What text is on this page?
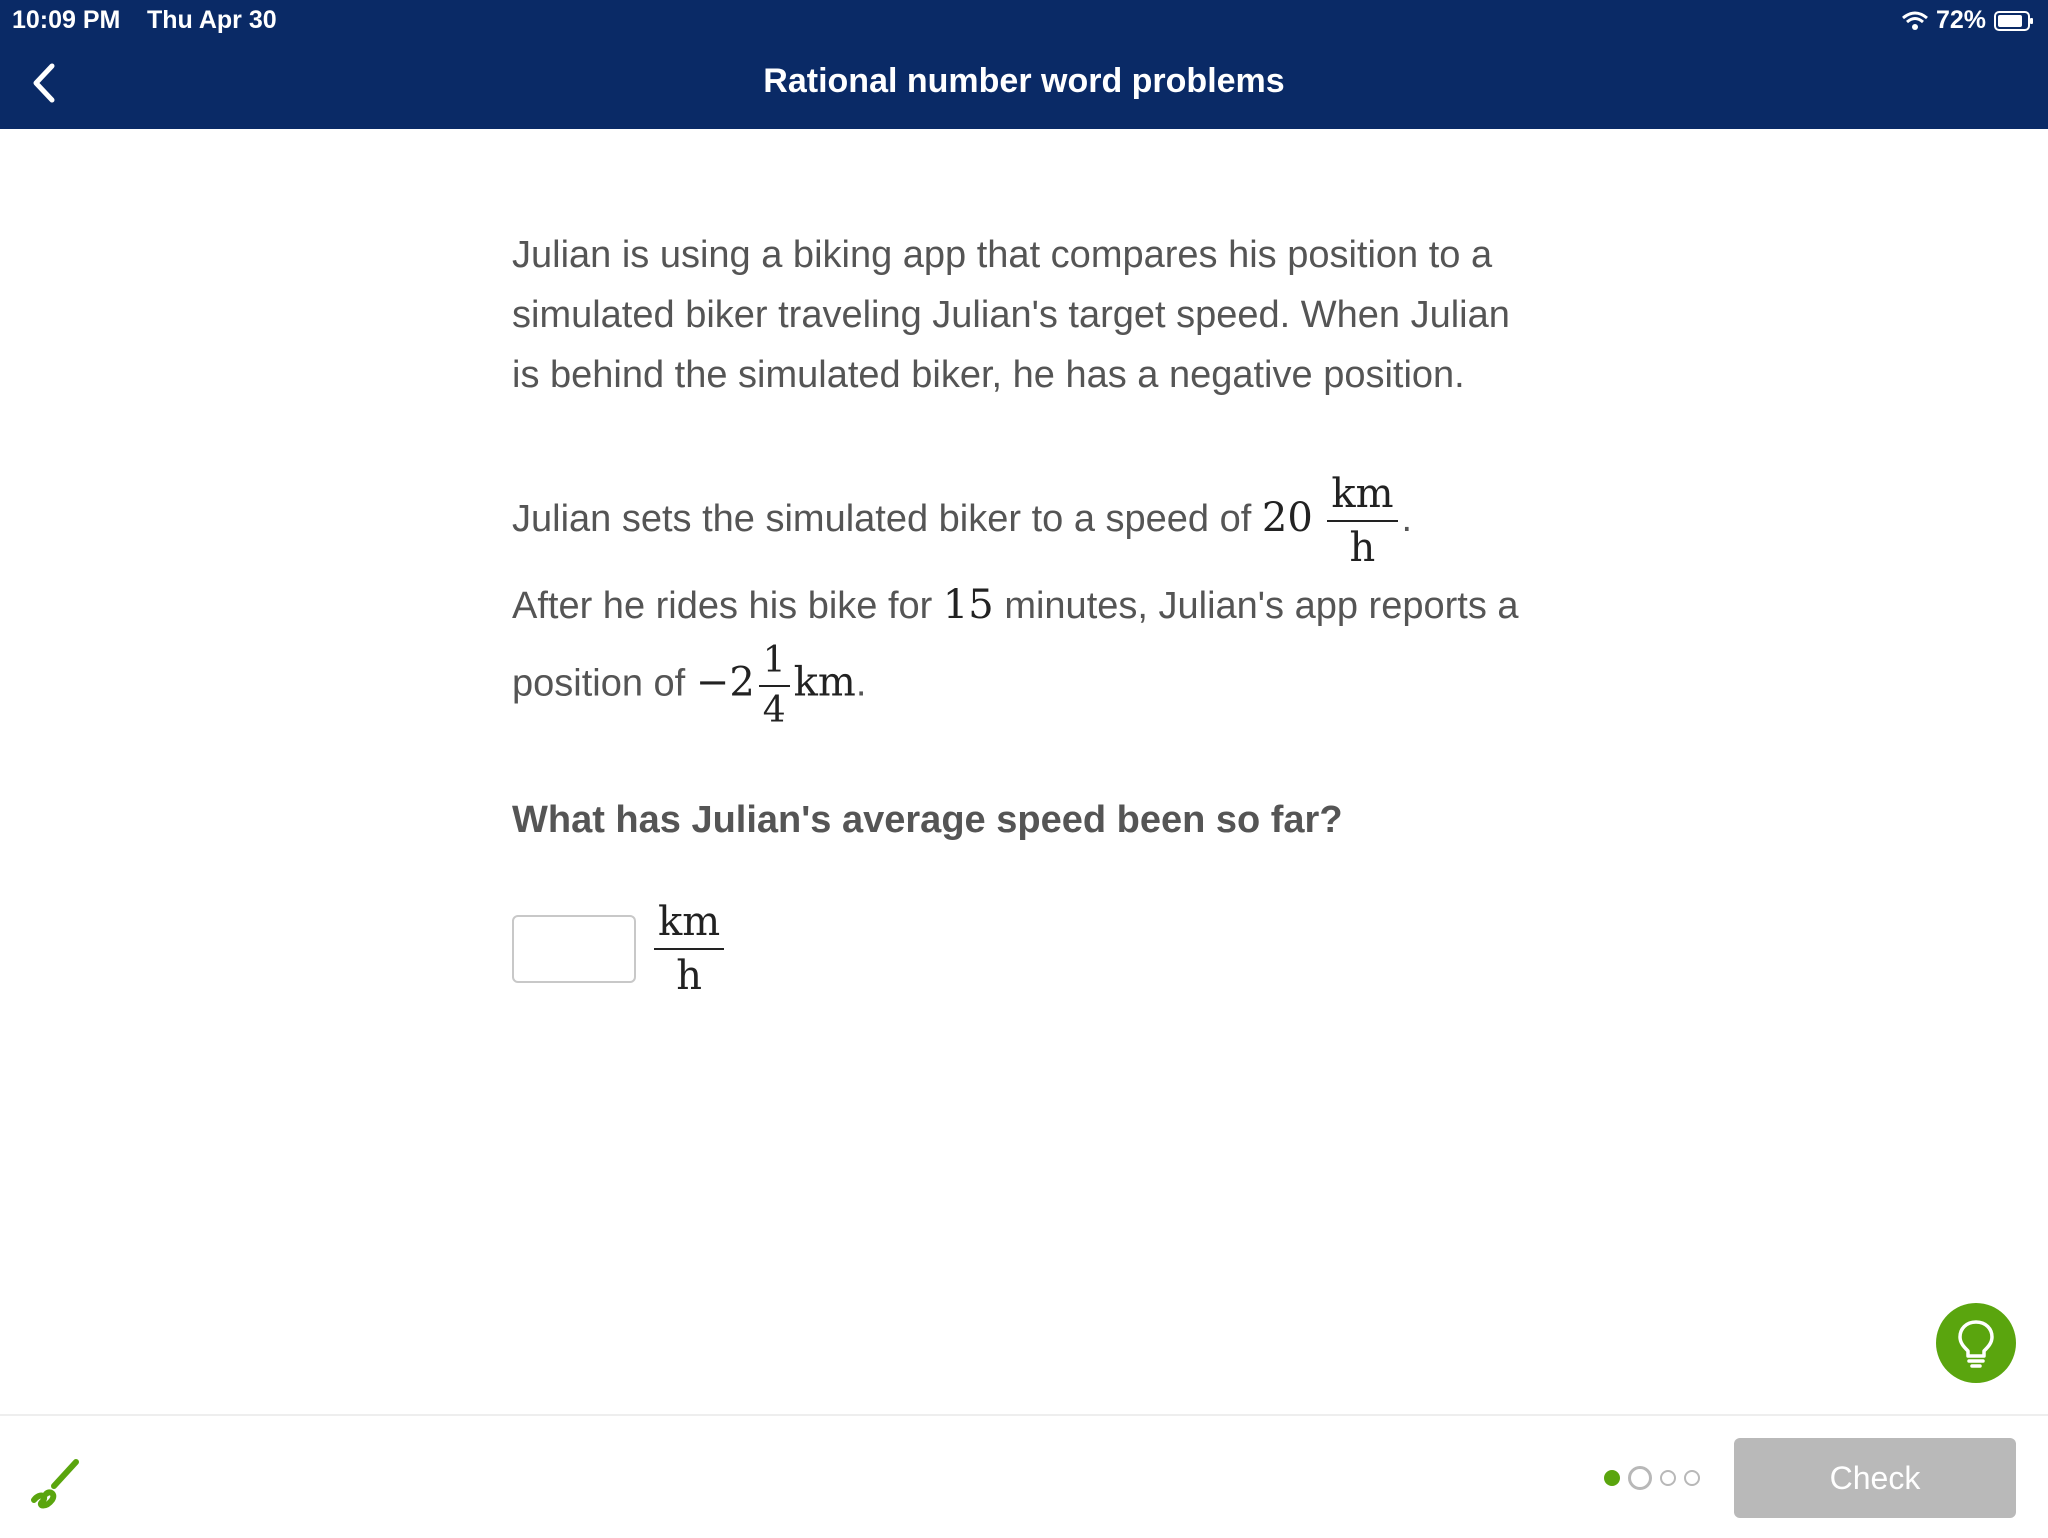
10:09 PM Thu Apr 30	72%
Rational number word problems

Julian is using a biking app that compares his position to a simulated biker traveling Julian's target speed. When Julian is behind the simulated biker, he has a negative position.

Julian sets the simulated biker to a speed of $20 \frac{km}{h}$ .
After he rides his bike for 15 minutes, Julian's app reports a position of $-2 \frac{1}{4}$ km.
What has Julian's average speed been so far?
$\frac{km}{h}$
Check
